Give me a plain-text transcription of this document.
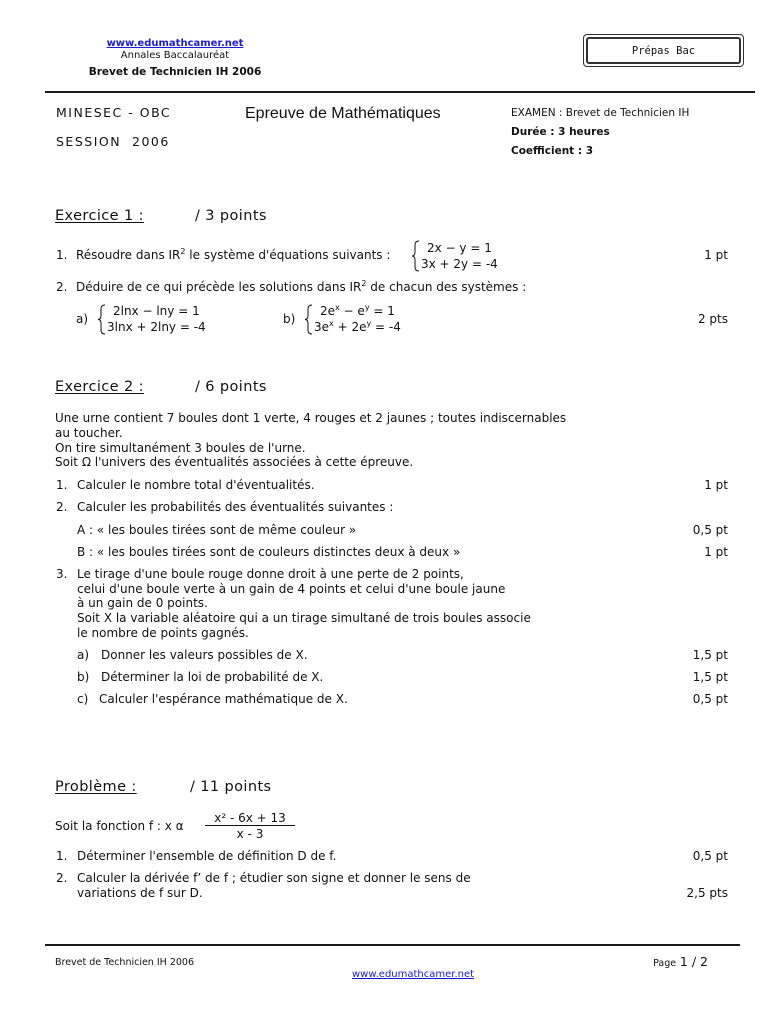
www.edumathcamer.net
Annales Baccalauréat
Brevet de Technicien IH 2006
Prépas Bac
MINESEC - OBC
SESSION  2006
Epreuve de Mathématiques	EXAMEN : Brevet de Technicien IH
Durée : 3 heures
Coefficient : 3
Exercice 1 :	/ 3 points
1. Résoudre dans $IR^2$ le système d'équations suivants :	2x − y = 1
3x + 2y = -4
1 pt
2. Déduire de ce qui précède les solutions dans $IR^2$ de chacun des systèmes :
a)
2lnx − lny = 1
3lnx + 2lny = -4
b)
$2e^x - e^y = 1$
$3e^x + 2e^y = -4$
2 pts
Exercice 2 :	/ 6 points
Une urne contient 7 boules dont 1 verte, 4 rouges et 2 jaunes ; toutes indiscernables
au toucher.
On tire simultanément 3 boules de l'urne.
Soit Ω l'univers des éventualités associées à cette épreuve.
1. Calculer le nombre total d'éventualités.	1 pt
2. Calculer les probabilités des éventualités suivantes :
A : « les boules tirées sont de même couleur »	0,5 pt
B : « les boules tirées sont de couleurs distinctes deux à deux »	1 pt
3. Le tirage d'une boule rouge donne droit à une perte de 2 points,
celui d'une boule verte à un gain de 4 points et celui d'une boule jaune
à un gain de 0 points.
Soit X la variable aléatoire qui a un tirage simultané de trois boules associe
le nombre de points gagnés.
a) Donner les valeurs possibles de X.	1,5 pt
b) Déterminer la loi de probabilité de X.	1,5 pt
c) Calculer l'espérance mathématique de X.	0,5 pt
Problème :	/ 11 points
Soit la fonction f : x α
x² - 6x + 13
x - 3
1. Déterminer l'ensemble de définition D de f.	0,5 pt
2. Calculer la dérivée f’ de f ; étudier son signe et donner le sens de
variations de f sur D.	2,5 pts
Brevet de Technicien IH 2006	Page 1 / 2
www.edumathcamer.net
